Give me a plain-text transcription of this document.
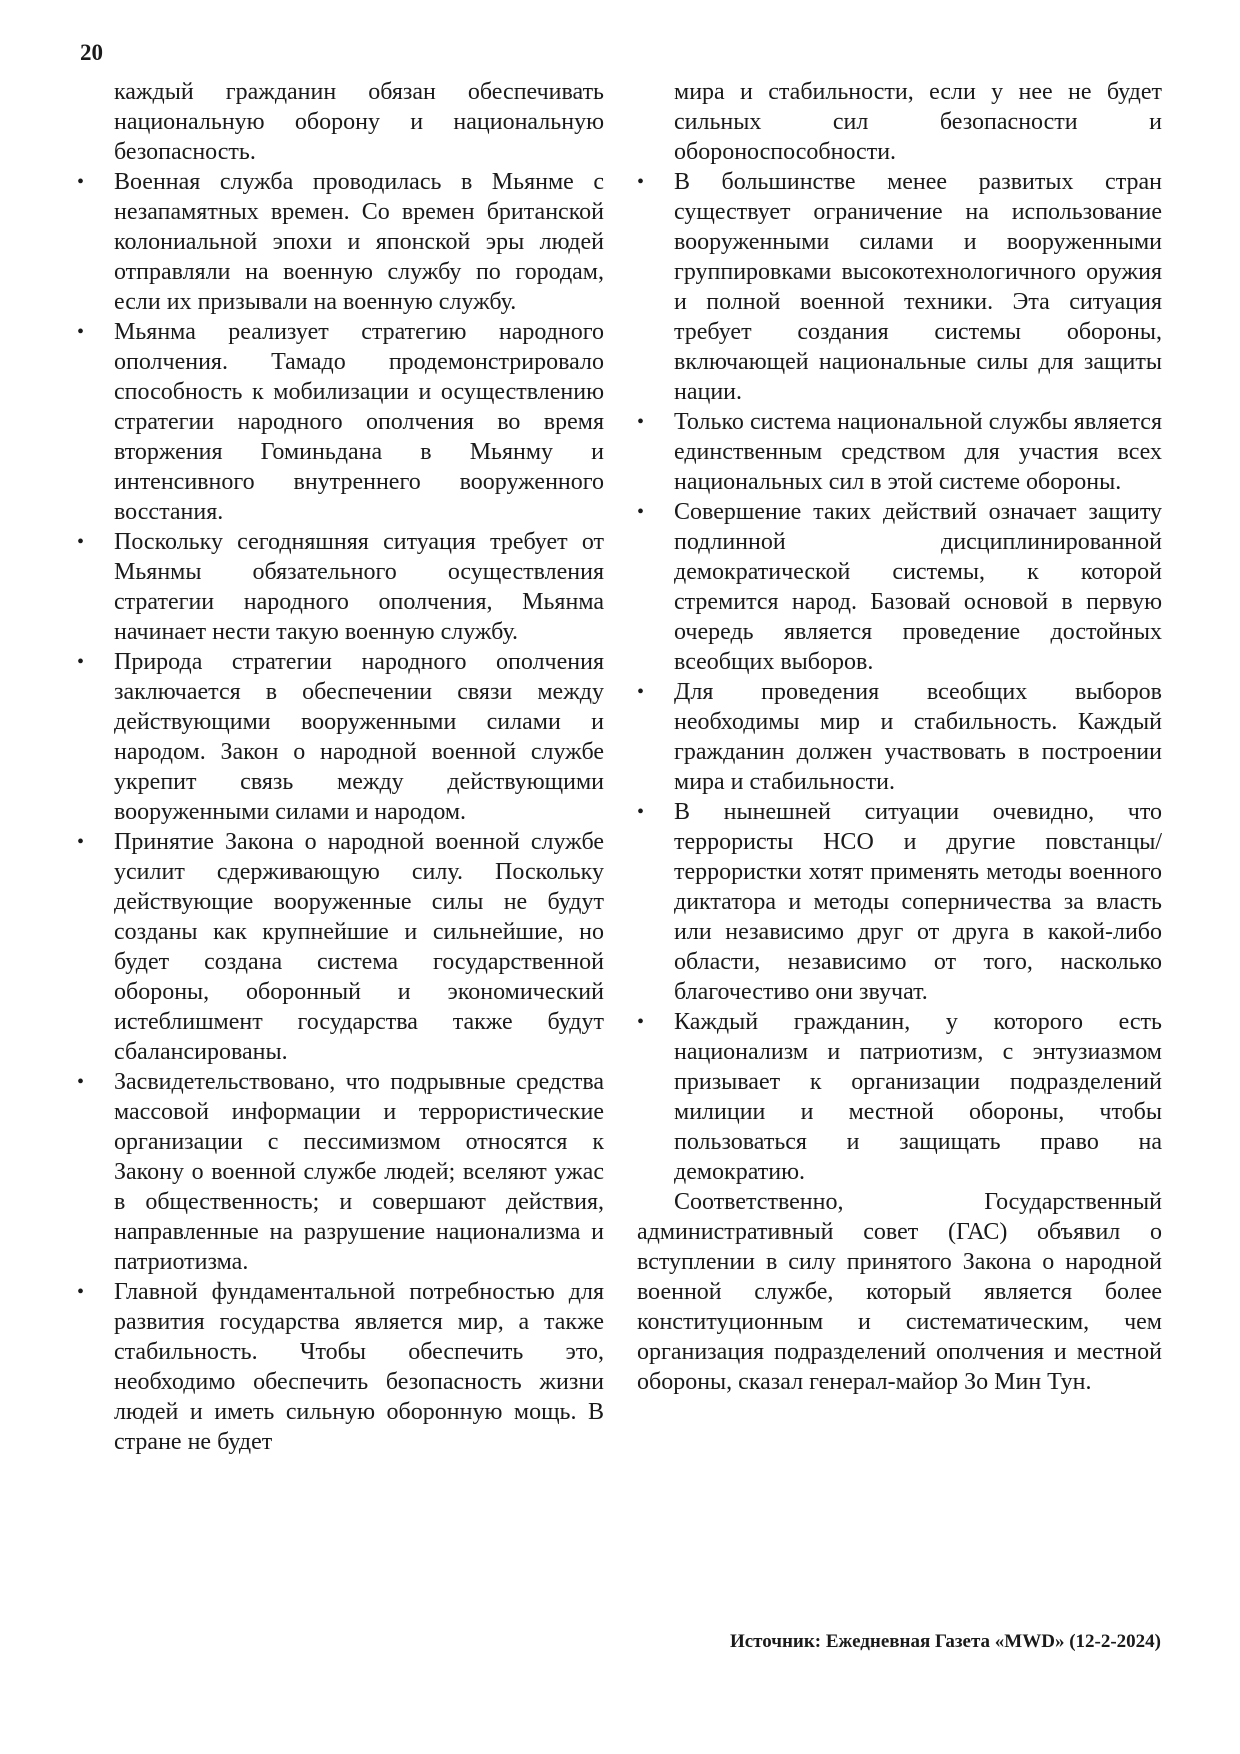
20
каждый гражданин обязан обеспечивать национальную оборону и национальную безопасность.
• Военная служба проводилась в Мьянме с незапамятных времен. Со времен британской колониальной эпохи и японской эры людей отправляли на военную службу по городам, если их призывали на военную службу.
• Мьянма реализует стратегию народного ополчения. Тамадо продемонстрировало способность к мобилизации и осуществлению стратегии народного ополчения во время вторжения Гоминьдана в Мьянму и интенсивного внутреннего вооруженного восстания.
• Поскольку сегодняшняя ситуация требует от Мьянмы обязательного осуществления стратегии народного ополчения, Мьянма начинает нести такую военную службу.
• Природа стратегии народного ополчения заключается в обеспечении связи между действующими вооруженными силами и народом. Закон о народной военной службе укрепит связь между действующими вооруженными силами и народом.
• Принятие Закона о народной военной службе усилит сдерживающую силу. Поскольку действующие вооруженные силы не будут созданы как крупнейшие и сильнейшие, но будет создана система государственной обороны, оборонный и экономический истеблишмент государства также будут сбалансированы.
• Засвидетельствовано, что подрывные средства массовой информации и террористические организации с пессимизмом относятся к Закону о военной службе людей; вселяют ужас в общественность; и совершают действия, направленные на разрушение национализма и патриотизма.
• Главной фундаментальной потребностью для развития государства является мир, а также стабильность. Чтобы обеспечить это, необходимо обеспечить безопасность жизни людей и иметь сильную оборонную мощь. В стране не будет
мира и стабильности, если у нее не будет сильных сил безопасности и обороноспособности.
• В большинстве менее развитых стран существует ограничение на использование вооруженными силами и вооруженными группировками высокотехнологичного оружия и полной военной техники. Эта ситуация требует создания системы обороны, включающей национальные силы для защиты нации.
• Только система национальной службы является единственным средством для участия всех национальных сил в этой системе обороны.
• Совершение таких действий означает защиту подлинной дисциплинированной демократической системы, к которой стремится народ. Базовай основой в первую очередь является проведение достойных всеобщих выборов.
• Для проведения всеобщих выборов необходимы мир и стабильность. Каждый гражданин должен участвовать в построении мира и стабильности.
• В нынешней ситуации очевидно, что террористы НСО и другие повстанцы/ террористки хотят применять методы военного диктатора и методы соперничества за власть или независимо друг от друга в какой-либо области, независимо от того, насколько благочестиво они звучат.
• Каждый гражданин, у которого есть национализм и патриотизм, с энтузиазмом призывает к организации подразделений милиции и местной обороны, чтобы пользоваться и защищать право на демократию.

Соответственно, Государственный административный совет (ГАС) объявил о вступлении в силу принятого Закона о народной военной службе, который является более конституционным и систематическим, чем организация подразделений ополчения и местной обороны, сказал генерал-майор Зо Мин Тун.

Источник: Ежедневная Газета «MWD» (12-2-2024)
